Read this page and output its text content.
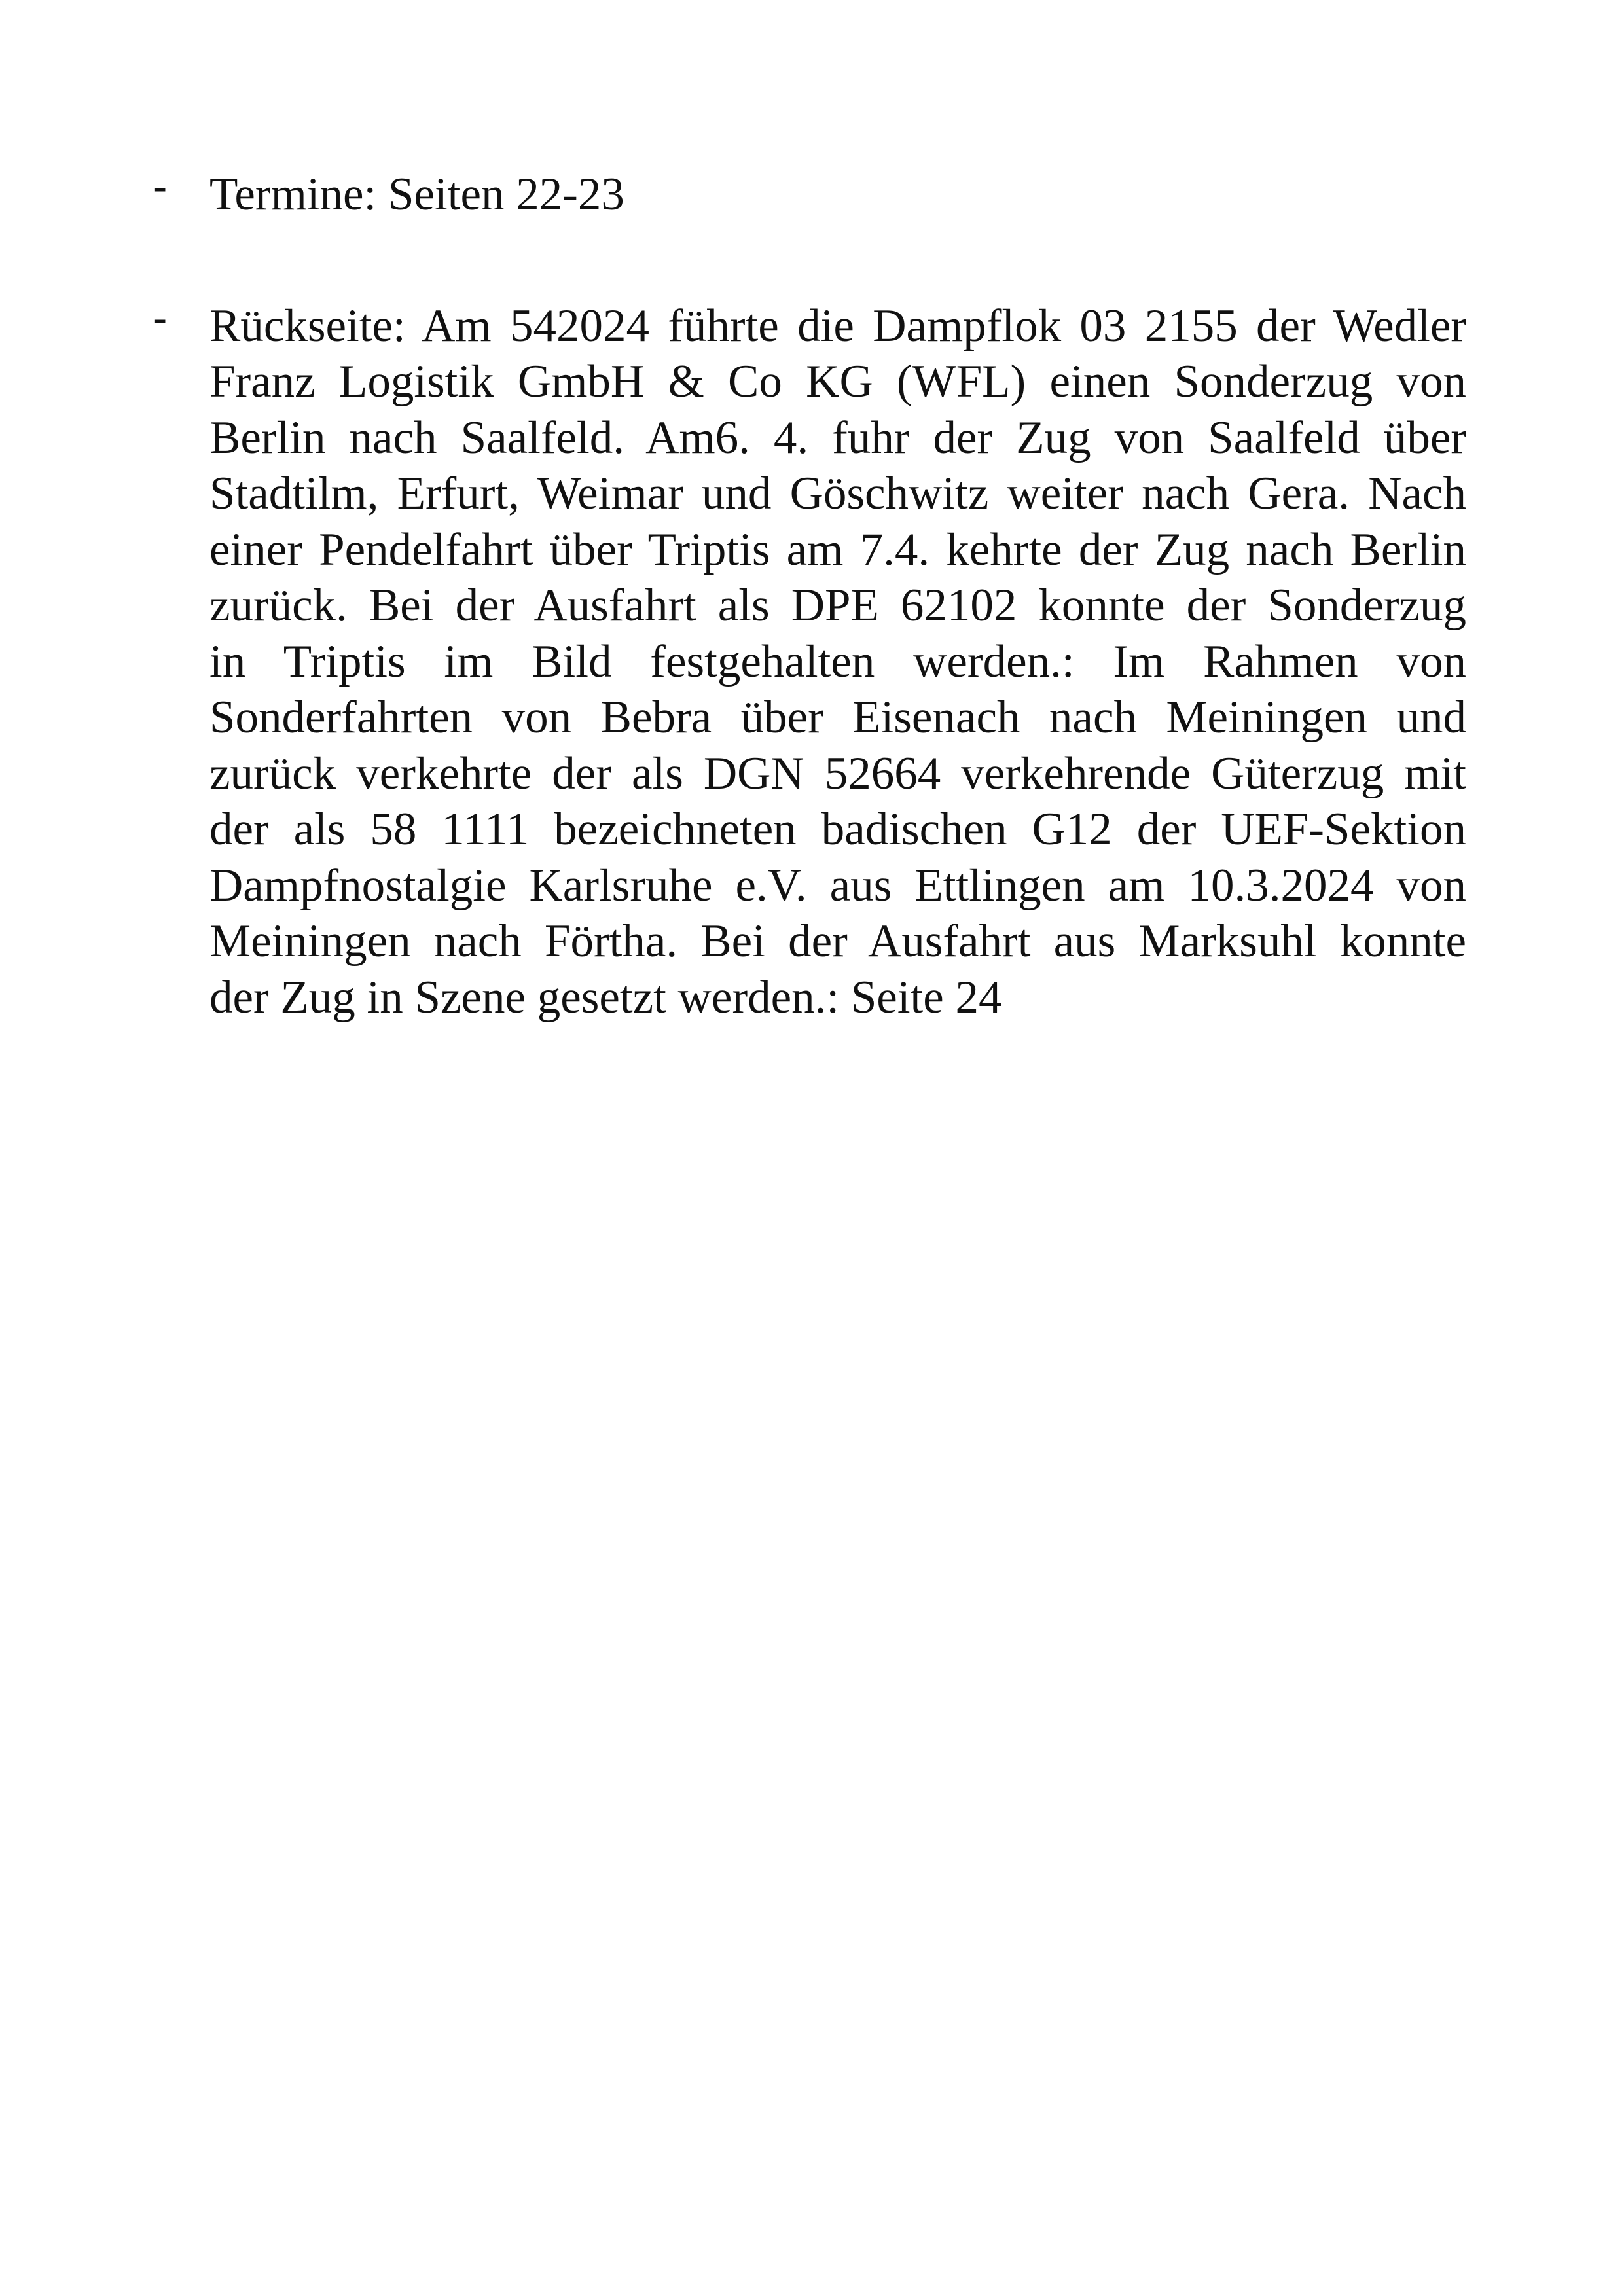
- Termine: Seiten 22-23
- Rückseite: Am 542024 führte die Dampflok 03 2155 der Wedler
Franz Logistik GmbH & Co KG (WFL) einen Sonderzug von
Berlin nach Saalfeld. Am6. 4. fuhr der Zug von Saalfeld über
Stadtilm, Erfurt, Weimar und Göschwitz weiter nach Gera. Nach
einer Pendelfahrt über Triptis am 7.4. kehrte der Zug nach Berlin
zurück. Bei der Ausfahrt als DPE 62102 konnte der Sonderzug
in Triptis im Bild festgehalten werden.: Im Rahmen von
Sonderfahrten von Bebra über Eisenach nach Meiningen und
zurück verkehrte der als DGN 52664 verkehrende Güterzug mit
der als 58 1111 bezeichneten badischen G12 der UEF-Sektion
Dampfnostalgie Karlsruhe e.V. aus Ettlingen am 10.3.2024 von
Meiningen nach Förtha. Bei der Ausfahrt aus Marksuhl konnte
der Zug in Szene gesetzt werden.: Seite 24
